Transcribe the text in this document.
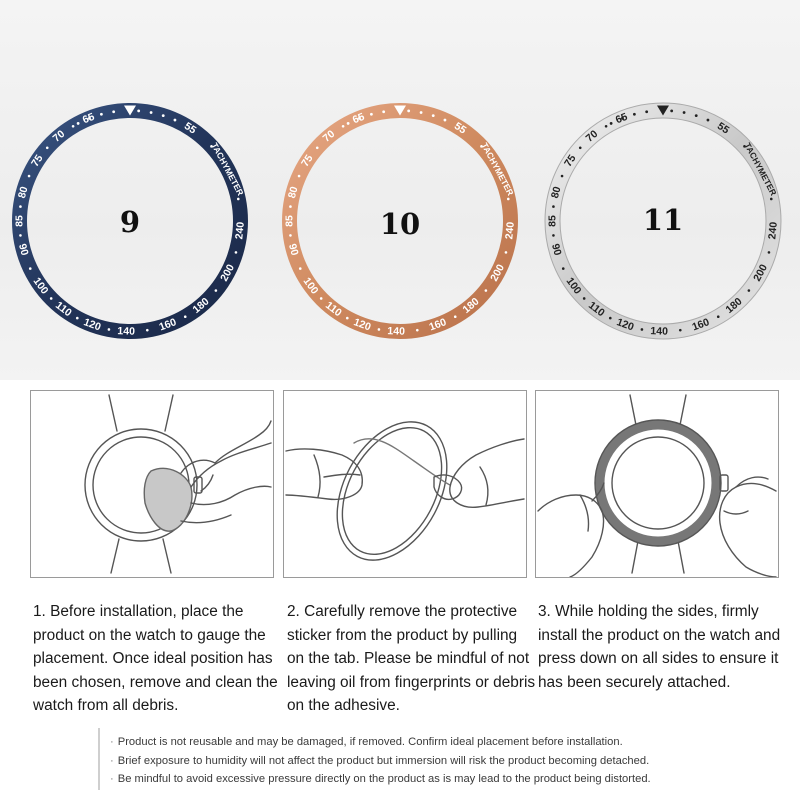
55
TACHYMETER
240
200
180
160
140
120
110
100
90
85
80
75
70
65
55
TACHYMETER
240
200
180
160
140
120
110
100
90
85
80
75
70
65
55
TACHYMETER
240
200
180
160
140
120
110
100
90
85
80
75
70
65
9	10	11
1. Before installation, place the product on the watch to gauge the placement. Once ideal position has been chosen, remove and clean the watch from all debris.
2. Carefully remove the protective sticker from the product by pulling on the tab. Please be mindful of not leaving oil from fingerprints or debris on the adhesive.
3. While holding the sides, firmly install the product on the watch and press down on all sides to ensure it has been securely attached.
· Product is not reusable and may be damaged, if removed. Confirm ideal placement before installation.
· Brief exposure to humidity will not affect the product but immersion will risk the product becoming detached.
· Be mindful to avoid excessive pressure directly on the product as is may lead to the product being distorted.
